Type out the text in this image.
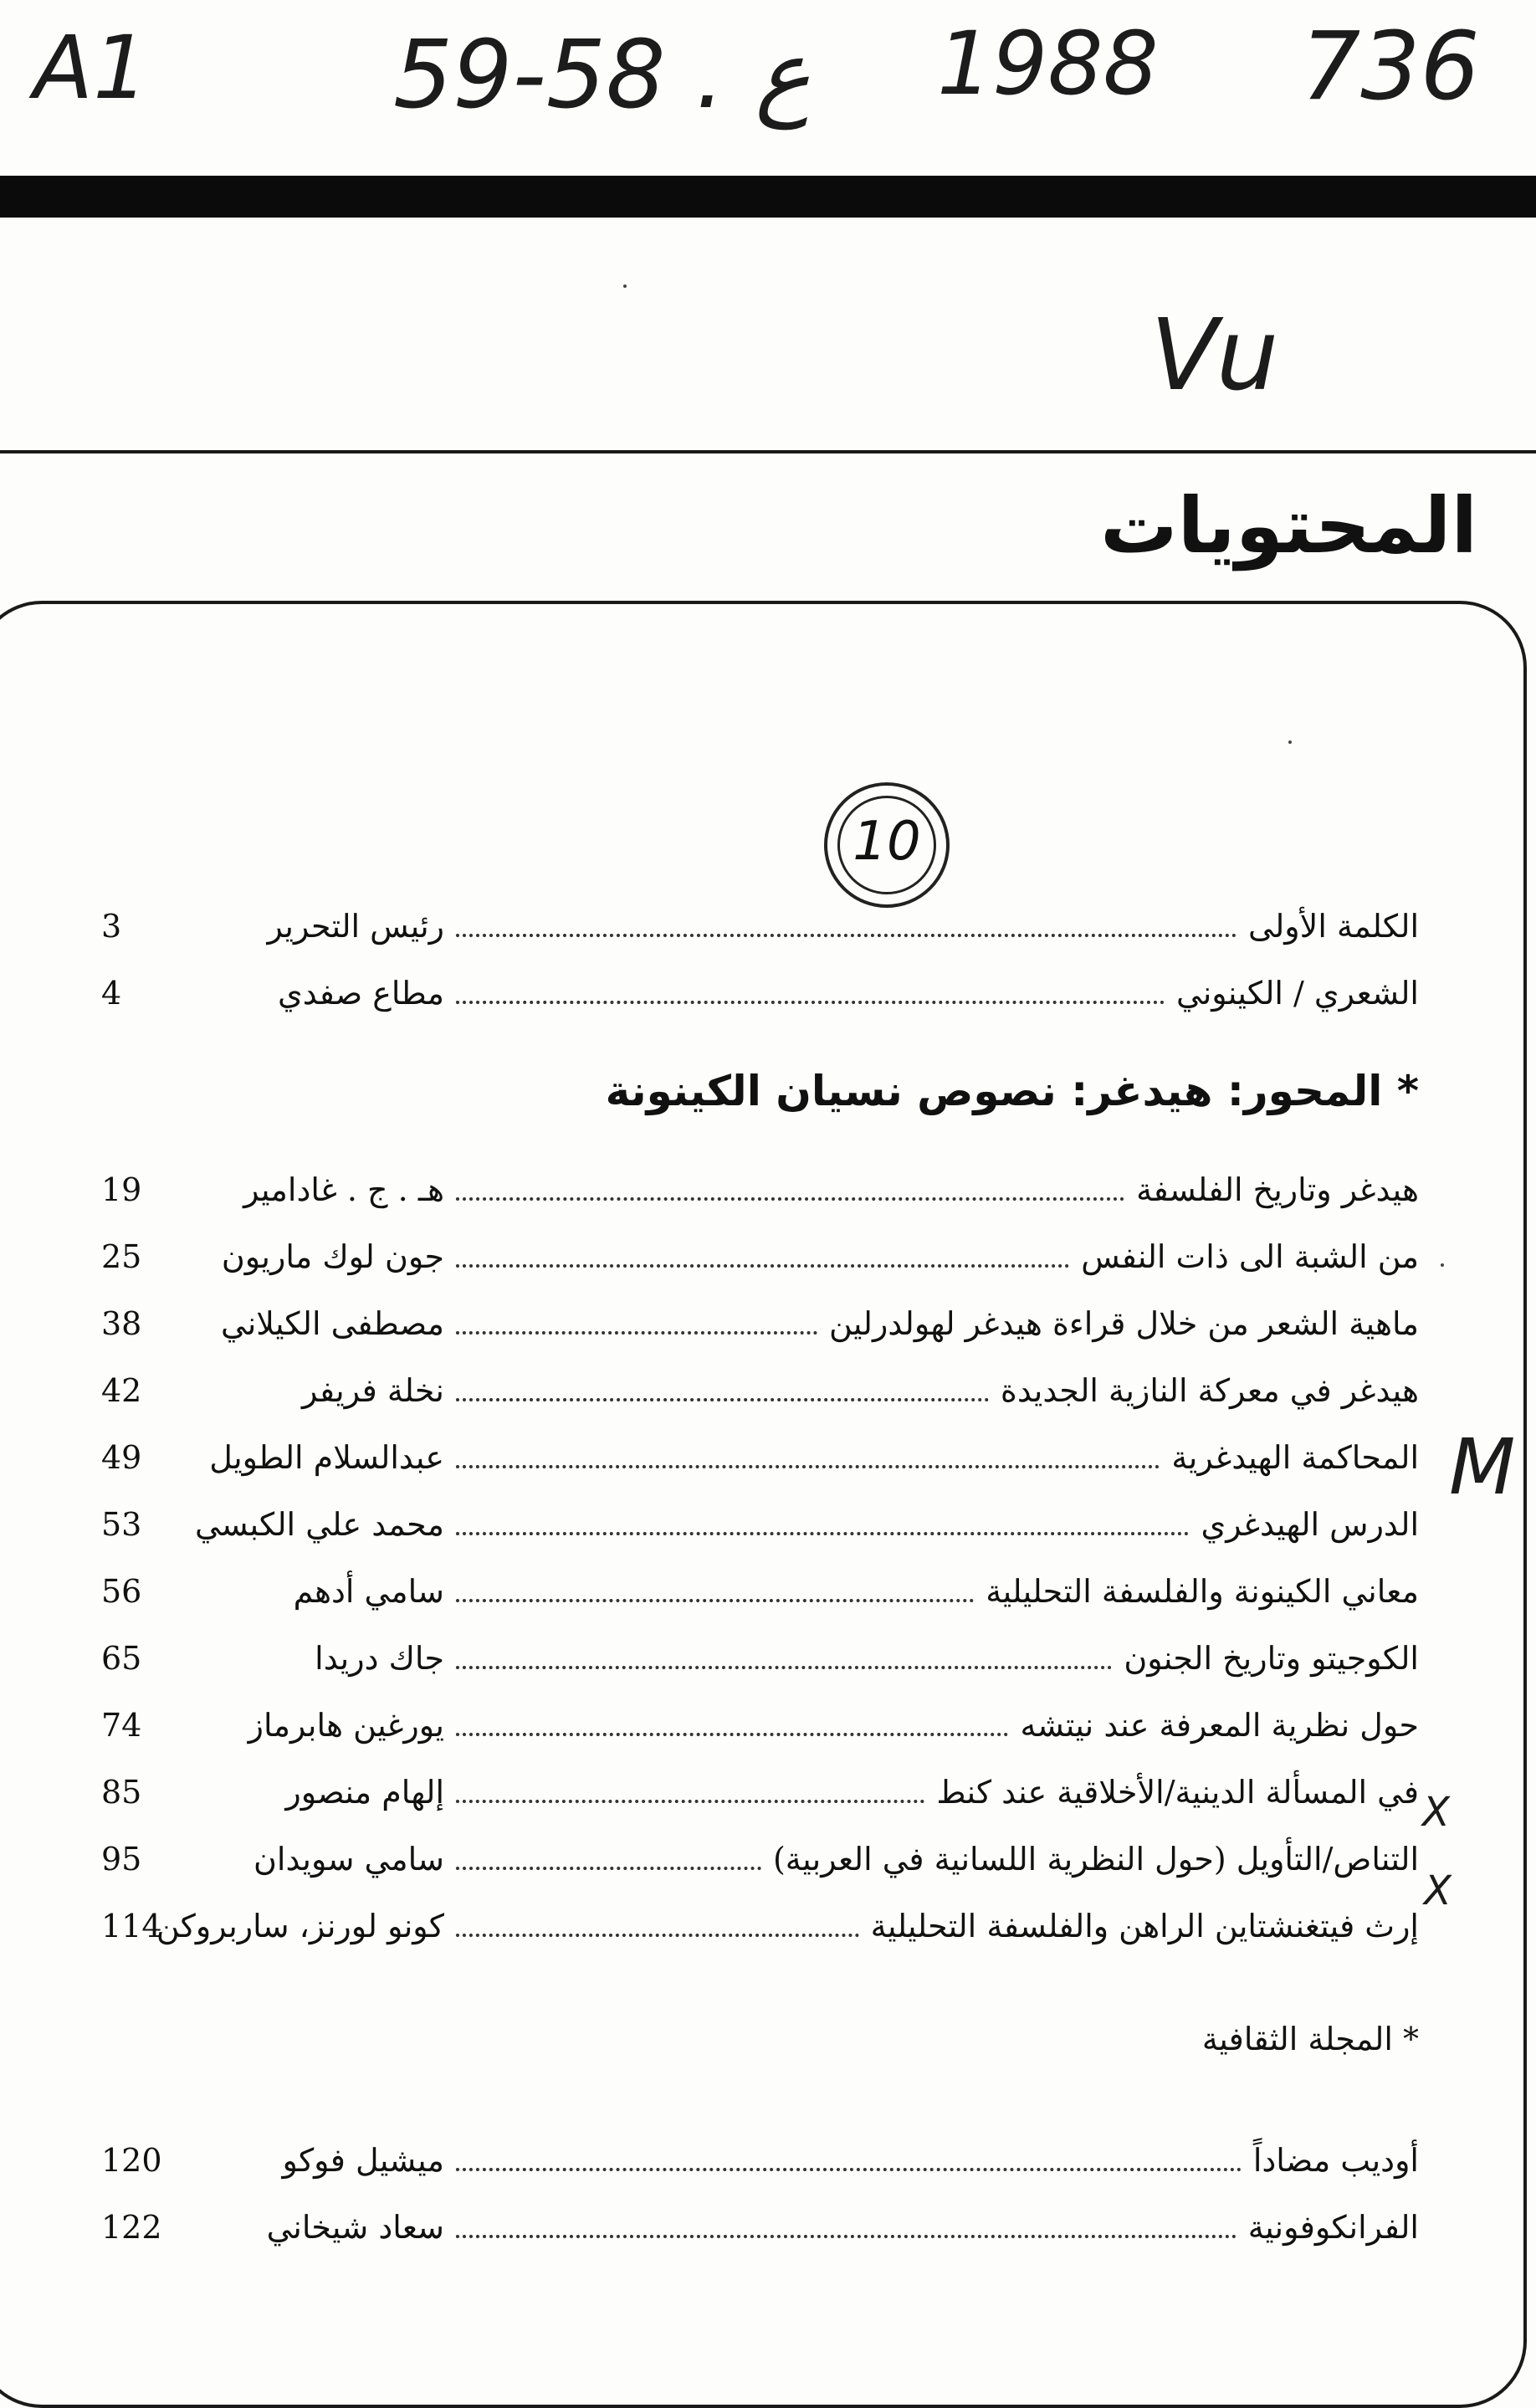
A1	59-58 . ع 1988 736
Vu
المحتويات
10
الكلمة الأولى
رئيس التحرير
3
الشعري / الكينوني
مطاع صفدي
4
* المحور: هيدغر: نصوص نسيان الكينونة
هيدغر وتاريخ الفلسفة
هـ . ج . غادامير
19
من الشبة الى ذات النفس
جون لوك ماريون
25
ماهية الشعر من خلال قراءة هيدغر لهولدرلين
مصطفى الكيلاني
38
هيدغر في معركة النازية الجديدة
نخلة فريفر
42
المحاكمة الهيدغرية
عبدالسلام الطويل
49
الدرس الهيدغري
محمد علي الكبسي
53
معاني الكينونة والفلسفة التحليلية
سامي أدهم
56
الكوجيتو وتاريخ الجنون
جاك دريدا
65
حول نظرية المعرفة عند نيتشه
يورغين هابرماز
74
في المسألة الدينية/الأخلاقية عند كنط
إلهام منصور
85
التناص/التأويل (حول النظرية اللسانية في العربية)
سامي سويدان
95
إرث فيتغنشتاين الراهن والفلسفة التحليلية
كونو لورنز، ساربروكن
114
* المجلة الثقافية
أوديب مضاداً
ميشيل فوكو
120
الفرانكوفونية
سعاد شيخاني
122
M
X
X
